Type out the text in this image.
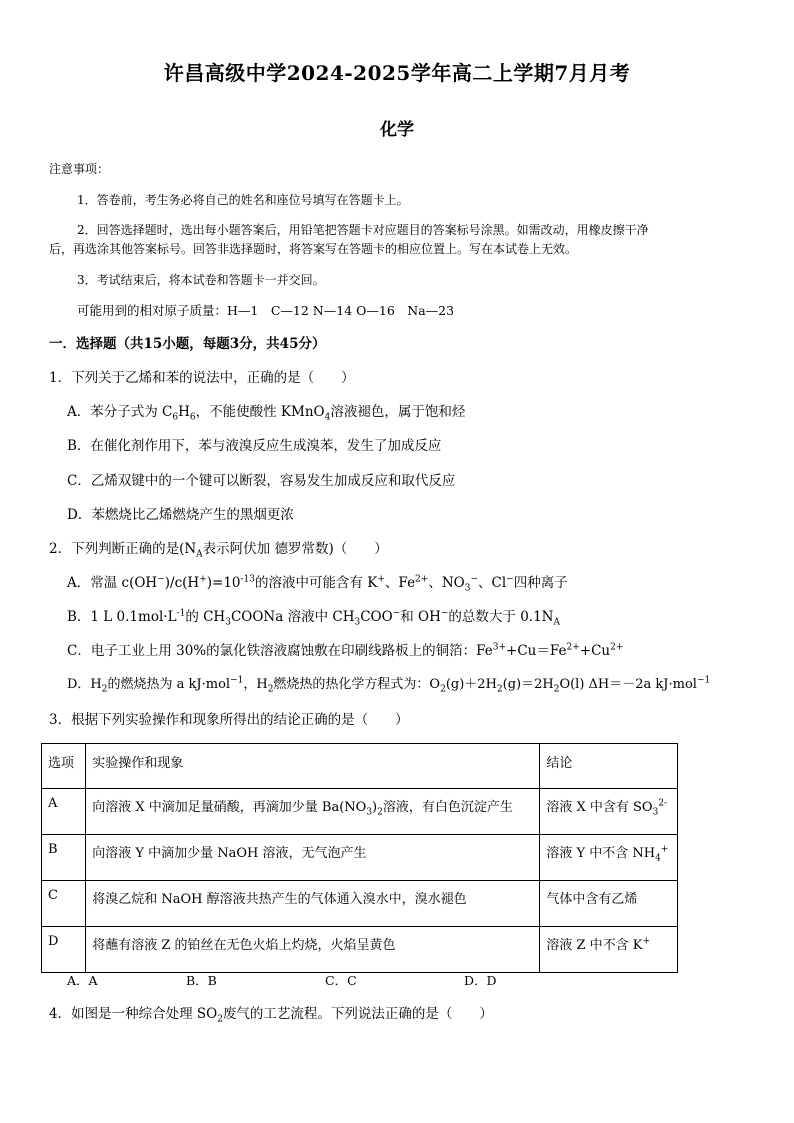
许昌高级中学2024-2025学年高二上学期7月月考
化学
注意事项：
1．答卷前，考生务必将自己的姓名和座位号填写在答题卡上。
2．回答选择题时，选出每小题答案后，用铅笔把答题卡对应题目的答案标号涂黑。如需改动，用橡皮擦干净
后，再选涂其他答案标号。回答非选择题时，将答案写在答题卡的相应位置上。写在本试卷上无效。
3．考试结束后，将本试卷和答题卡一并交回。
可能用到的相对原子质量：H—1　C—12 N—14 O—16　Na—23
一．选择题（共15小题，每题3分，共45分）
1．下列关于乙烯和苯的说法中，正确的是（　　）
A．苯分子式为 $C_6H_6$，不能使酸性 KMnO$_4$溶液褪色，属于饱和烃
B．在催化剂作用下，苯与液溴反应生成溴苯，发生了加成反应
C．乙烯双键中的一个键可以断裂，容易发生加成反应和取代反应
D．苯燃烧比乙烯燃烧产生的黑烟更浓
2．下列判断正确的是($N_A$表示阿伏加 德罗常数)（　　）
A．常温 $c(OH^-)/c(H^+)=10^{-13}$的溶液中可能含有 K+、$Fe^{2+}$、$NO_3^-$、Cl−四种离子
B．1 L $0.1mol\cdot L^{-1}$的 $CH_3COONa$ 溶液中 $CH_3COO^-$和 OH−的总数大于 $0.1N_A$
C．电子工业上用 30%的氯化铁溶液腐蚀敷在印刷线路板上的铜箔：$Fe^{3+}+Cu=Fe^{2+}+Cu^{2+}$
D．$H_2$的燃烧热为 a kJ·mol$^{-1}$，$H_2$燃烧热的热化学方程式为：$O_2(g)+2H_2(g)=2H_2O(l)$ ΔH＝－2a kJ·mol$^{-1}$
3．根据下列实验操作和现象所得出的结论正确的是（　　）
选项	实验操作和现象	结论
A	向溶液 X 中滴加足量硝酸，再滴加少量 $Ba(NO_3)_2$溶液，有白色沉淀产生	溶液 X 中含有 $SO_3^{2-}$
B	向溶液 Y 中滴加少量 NaOH 溶液，无气泡产生	溶液 Y 中不含 $NH_4^+$
C	将溴乙烷和 NaOH 醇溶液共热产生的气体通入溴水中，溴水褪色	气体中含有乙烯
D	将蘸有溶液 Z 的铂丝在无色火焰上灼烧，火焰呈黄色	溶液 Z 中不含 K+
A．A	B．B	C．C	D．D
4．如图是一种综合处理 $SO_2$废气的工艺流程。下列说法正确的是（　　）
